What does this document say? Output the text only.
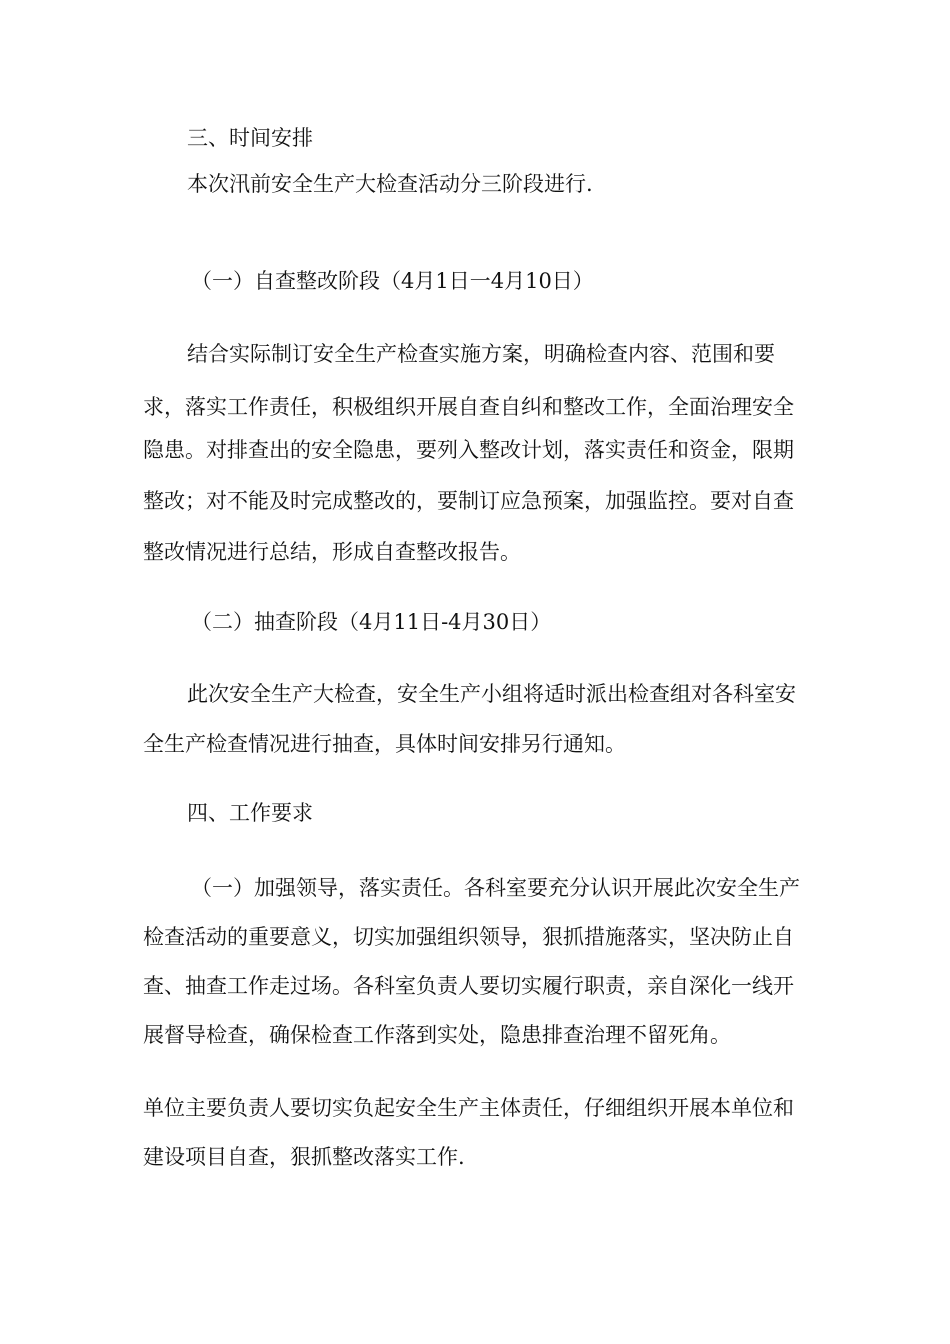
三、时间安排

本次汛前安全生产大检查活动分三阶段进行.

（一）自查整改阶段（4月1日一4月10日）

结合实际制订安全生产检查实施方案，明确检查内容、范围和要

求，落实工作责任，积极组织开展自查自纠和整改工作，全面治理安全

隐患。对排查出的安全隐患，要列入整改计划，落实责任和资金，限期

整改；对不能及时完成整改的，要制订应急预案，加强监控。要对自查

整改情况进行总结，形成自查整改报告。

（二）抽查阶段（4月11日-4月30日）

此次安全生产大检查，安全生产小组将适时派出检查组对各科室安

全生产检查情况进行抽查，具体时间安排另行通知。

四、工作要求

（一）加强领导，落实责任。各科室要充分认识开展此次安全生产

检查活动的重要意义，切实加强组织领导，狠抓措施落实，坚决防止自

查、抽查工作走过场。各科室负责人要切实履行职责，亲自深化一线开

展督导检查，确保检查工作落到实处，隐患排查治理不留死角。

单位主要负责人要切实负起安全生产主体责任，仔细组织开展本单位和

建设项目自查，狠抓整改落实工作.
